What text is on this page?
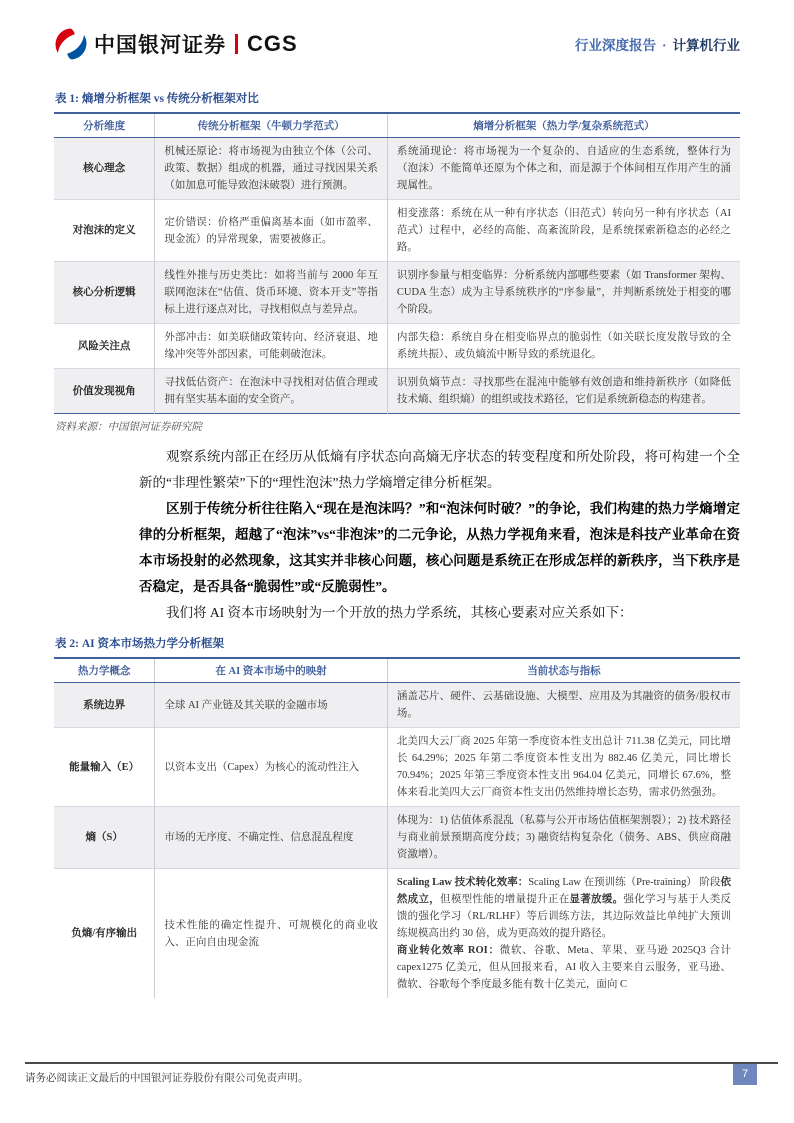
中国银河证券 CGS	行业深度报告 · 计算机行业
表 1: 熵增分析框架 vs 传统分析框架对比
分析维度	传统分析框架（牛顿力学范式）	熵增分析框架（热力学/复杂系统范式）
核心理念	机械还原论：将市场视为由独立个体（公司、政策、数据）组成的机器，通过寻找因果关系（如加息可能导致泡沫破裂）进行预测。	系统涌现论：将市场视为一个复杂的、自适应的生态系统，整体行为（泡沫）不能简单还原为个体之和，而是源于个体间相互作用产生的涌现属性。
对泡沫的定义	定价错误：价格严重偏离基本面（如市盈率、现金流）的异常现象，需要被修正。	相变涨落：系统在从一种有序状态（旧范式）转向另一种有序状态（AI 范式）过程中，必经的高能、高紊流阶段，是系统探索新稳态的必经之路。
核心分析逻辑	线性外推与历史类比：如将当前与 2000 年互联网泡沫在“估值、货币环境、资本开支”等指标上进行逐点对比，寻找相似点与差异点。	识别序参量与相变临界：分析系统内部哪些要素（如 Transformer 架构、CUDA 生态）成为主导系统秩序的“序参量”，并判断系统处于相变的哪个阶段。
风险关注点	外部冲击：如美联储政策转向、经济衰退、地缘冲突等外部因素，可能刺破泡沫。	内部失稳：系统自身在相变临界点的脆弱性（如关联长度发散导致的全系统共振）、或负熵流中断导致的系统退化。
价值发现视角	寻找低估资产：在泡沫中寻找相对估值合理或拥有坚实基本面的安全资产。	识别负熵节点：寻找那些在混沌中能够有效创造和维持新秩序（如降低技术熵、组织熵）的组织或技术路径，它们是系统新稳态的构建者。
资料来源：中国银河证券研究院

观察系统内部正在经历从低熵有序状态向高熵无序状态的转变程度和所处阶段，将可构建一个全新的“非理性繁荣”下的“理性泡沫”热力学熵增定律分析框架。

区别于传统分析往往陷入“现在是泡沫吗？”和“泡沫何时破？”的争论，我们构建的热力学熵增定律的分析框架，超越了“泡沫”vs“非泡沫”的二元争论，从热力学视角来看，泡沫是科技产业革命在资本市场投射的必然现象，这其实并非核心问题，核心问题是系统正在形成怎样的新秩序，当下秩序是否稳定，是否具备“脆弱性”或“反脆弱性”。

我们将 AI 资本市场映射为一个开放的热力学系统，其核心要素对应关系如下：

表 2: AI 资本市场热力学分析框架
热力学概念	在 AI 资本市场中的映射	当前状态与指标
系统边界	全球 AI 产业链及其关联的金融市场	涵盖芯片、硬件、云基础设施、大模型、应用及为其融资的债务/股权市场。
能量输入（E）	以资本支出（Capex）为核心的流动性注入	北美四大云厂商 2025 年第一季度资本性支出总计 711.38 亿美元，同比增长 64.29%；2025 年第二季度资本性支出为 882.46 亿美元，同比增长 70.94%；2025 年第三季度资本性支出 964.04 亿美元，同增长 67.6%，整体来看北美四大云厂商资本性支出仍然维持增长态势，需求仍然强劲。
熵（S）	市场的无序度、不确定性、信息混乱程度	体现为：1) 估值体系混乱（私募与公开市场估值框架割裂）；2) 技术路径与商业前景预期高度分歧；3) 融资结构复杂化（债务、ABS、供应商融资激增）。
负熵/有序输出	技术性能的确定性提升、可规模化的商业收入、正向自由现金流	Scaling Law 技术转化效率：Scaling Law 在预训练（Pre-training） 阶段依然成立，但模型性能的增量提升正在显著放缓。强化学习与基于人类反馈的强化学习（RL/RLHF）等后训练方法，其边际效益比单纯扩大预训练规模高出约 30 倍，成为更高效的提升路径。

商业转化效率 ROI：微软、谷歌、Meta、苹果、亚马逊 2025Q3 合计 capex1275 亿美元，但从回报来看，AI 收入主要来自云服务，亚马逊、微软、谷歌每个季度最多能有数十亿美元，面向 C

请务必阅读正文最后的中国银河证券股份有限公司免责声明。	7
